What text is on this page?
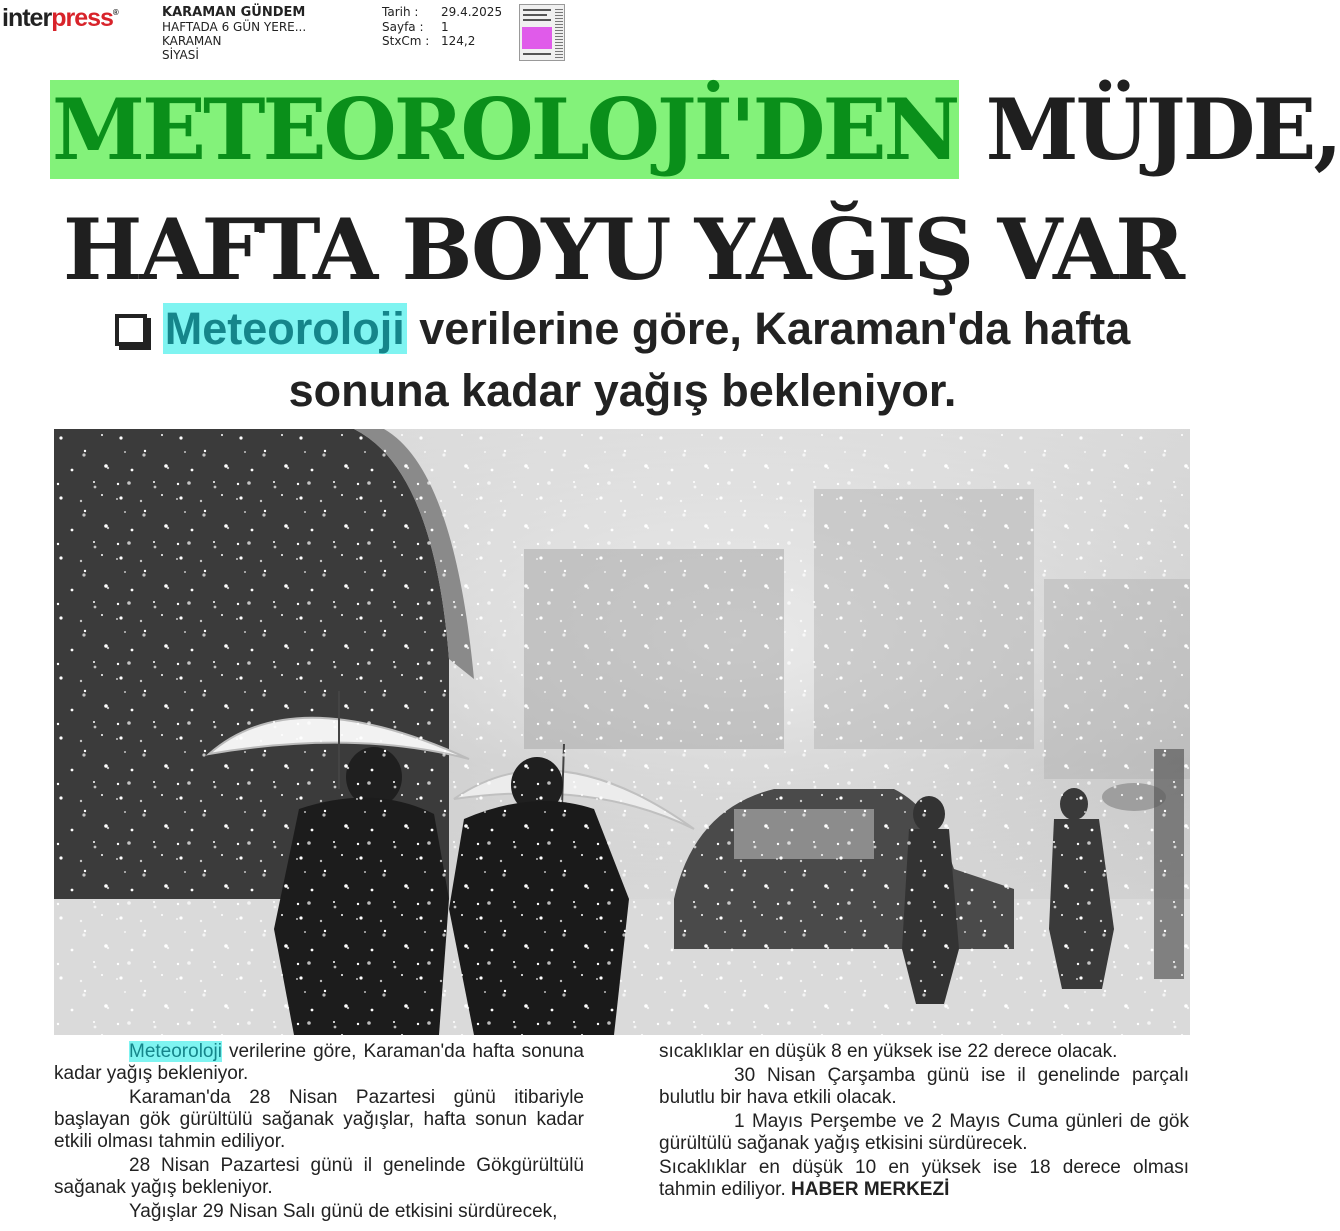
interpress®	KARAMAN GÜNDEM
HAFTADA 6 GÜN YERE...
KARAMAN
SİYASİ
Tarih :	29.4.2025
Sayfa :	1
StxCm : 124,2
METEOROLOJİ'DEN MÜJDE,
HAFTA BOYU YAĞIŞ VAR
Meteoroloji verilerine göre, Karaman'da hafta
sonuna kadar yağış bekleniyor.

Meteoroloji verilerine göre, Karaman'da hafta sonuna kadar yağış bekleniyor.

Karaman'da 28 Nisan Pazartesi günü itibariyle başlayan gök gürültülü sağanak yağışlar, hafta sonun kadar etkili olması tahmin ediliyor.

28 Nisan Pazartesi günü il genelinde Gökgürültülü sağanak yağış bekleniyor.

Yağışlar 29 Nisan Salı günü de etkisini sürdürecek,

sıcaklıklar en düşük 8 en yüksek ise 22 derece olacak.

30 Nisan Çarşamba günü ise il genelinde parçalı bulutlu bir hava etkili olacak.

1 Mayıs Perşembe ve 2 Mayıs Cuma günleri de gök gürültülü sağanak yağış etkisini sürdürecek.

Sıcaklıklar en düşük 10 en yüksek ise 18 derece olması tahmin ediliyor. HABER MERKEZİ
